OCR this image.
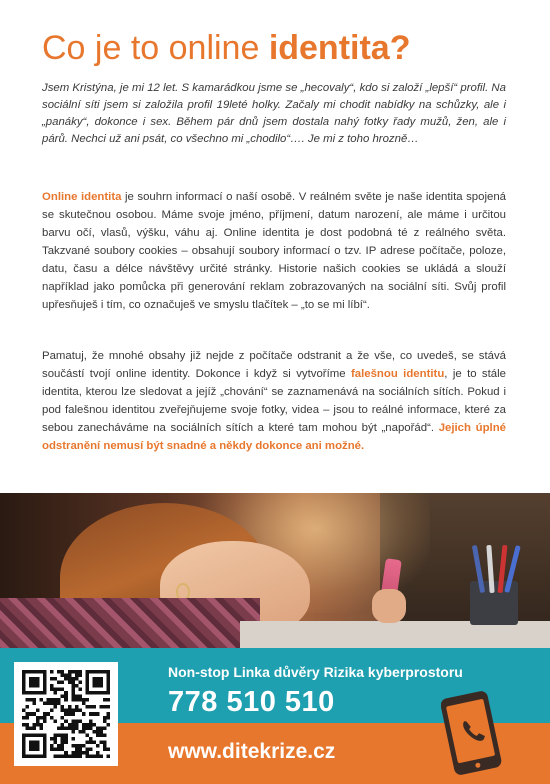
Co je to online identita?

Jsem Kristýna, je mi 12 let. S kamarádkou jsme se „hecovaly“, kdo si založí „lepší“ profil. Na sociální síti jsem si založila profil 19leté holky. Začaly mi chodit nabídky na schůzky, ale i „panáky“, dokonce i sex. Během pár dnů jsem dostala nahý fotky řady mužů, žen, ale i párů. Nechci už ani psát, co všechno mi „chodilo“…. Je mi z toho hrozně…

Online identita je souhrn informací o naší osobě. V reálném světe je naše identita spojená se skutečnou osobou. Máme svoje jméno, příjmení, datum narození, ale máme i určitou barvu očí, vlasů, výšku, váhu aj. Online identita je dost podobná té z reálného světa. Takzvané soubory cookies – obsahují soubory informací o tzv. IP adrese počítače, poloze, datu, času a délce návštěvy určité stránky. Historie našich cookies se ukládá a slouží například jako pomůcka při generování reklam zobrazovaných na sociální síti. Svůj profil upřesňuješ i tím, co označuješ ve smyslu tlačítek – „to se mi líbí“.

Pamatuj, že mnohé obsahy již nejde z počítače odstranit a že vše, co uvedeš, se stává součástí tvojí online identity. Dokonce i když si vytvoříme falešnou identitu, je to stále identita, kterou lze sledovat a jejíž „chování“ se zaznamenává na sociálních sítích. Pokud i pod falešnou identitou zveřejňujeme svoje fotky, videa – jsou to reálné informace, které za sebou zanecháváme na sociálních sítích a které tam mohou být „napořád“. Jejich úplné odstranění nemusí být snadné a někdy dokonce ani možné.

Non-stop Linka důvěry Rizika kyberprostoru
778 510 510
www.ditekrize.cz
